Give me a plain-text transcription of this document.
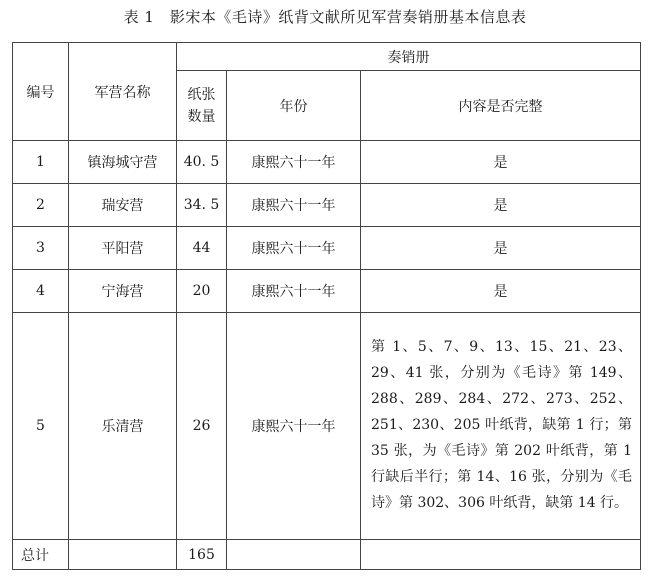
表 1　影宋本《毛诗》纸背文献所见军营奏销册基本信息表
编号	军营名称	奏销册		

		纸张
数量	年份	内容是否完整
1	镇海城守营	40. 5	康熙六十一年	是
2	瑞安营	34. 5	康熙六十一年	是
3	平阳营	44	康熙六十一年	是
4	宁海营	20	康熙六十一年	是
5	乐清营	26	康熙六十一年	第 1、5、7、9、13、15、21、23、29、41 张，分别为《毛诗》第 149、288、289、284、272、273、252、251、230、205 叶纸背，缺第 1 行；第 35 张，为《毛诗》第 202 叶纸背，第 1 行缺后半行；第 14、16 张，分别为《毛诗》第 302、306 叶纸背，缺第 14 行。
总计		165		
